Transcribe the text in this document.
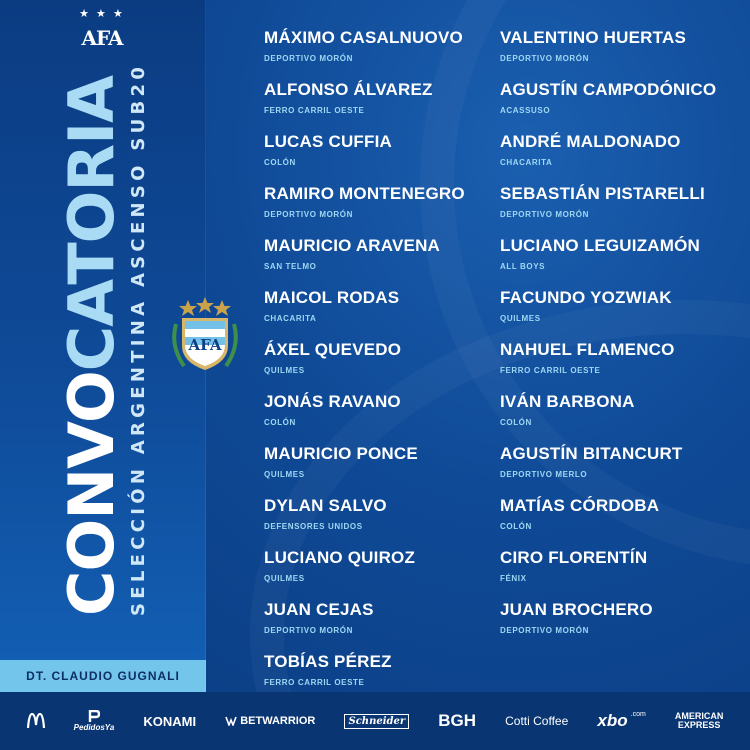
★ ★ ★
AFA
CONVOCATORIA SELECCIÓN ARGENTINA ASCENSO SUB20
DT. CLAUDIO GUGNALI
AFA
MÁXIMO CASALNUOVO
DEPORTIVO MORÓN
ALFONSO ÁLVAREZ
FERRO CARRIL OESTE
LUCAS CUFFIA
COLÓN
RAMIRO MONTENEGRO
DEPORTIVO MORÓN
MAURICIO ARAVENA
SAN TELMO
MAICOL RODAS
CHACARITA
ÁXEL QUEVEDO
QUILMES
JONÁS RAVANO
COLÓN
MAURICIO PONCE
QUILMES
DYLAN SALVO
DEFENSORES UNIDOS
LUCIANO QUIROZ
QUILMES
JUAN CEJAS
DEPORTIVO MORÓN
TOBÍAS PÉREZ
FERRO CARRIL OESTE
VALENTINO HUERTAS
DEPORTIVO MORÓN
AGUSTÍN CAMPODÓNICO
ACASSUSO
ANDRÉ MALDONADO
CHACARITA
SEBASTIÁN PISTARELLI
DEPORTIVO MORÓN
LUCIANO LEGUIZAMÓN
ALL BOYS
FACUNDO YOZWIAK
QUILMES
NAHUEL FLAMENCO
FERRO CARRIL OESTE
IVÁN BARBONA
COLÓN
AGUSTÍN BITANCURT
DEPORTIVO MERLO
MATÍAS CÓRDOBA
COLÓN
CIRO FLORENTÍN
FÉNIX
JUAN BROCHERO
DEPORTIVO MORÓN
PedidosYa KONAMI	BETWARRIOR	Schneider BGH Cotti Coffee xbo .com	AMERICAN
EXPRESS
